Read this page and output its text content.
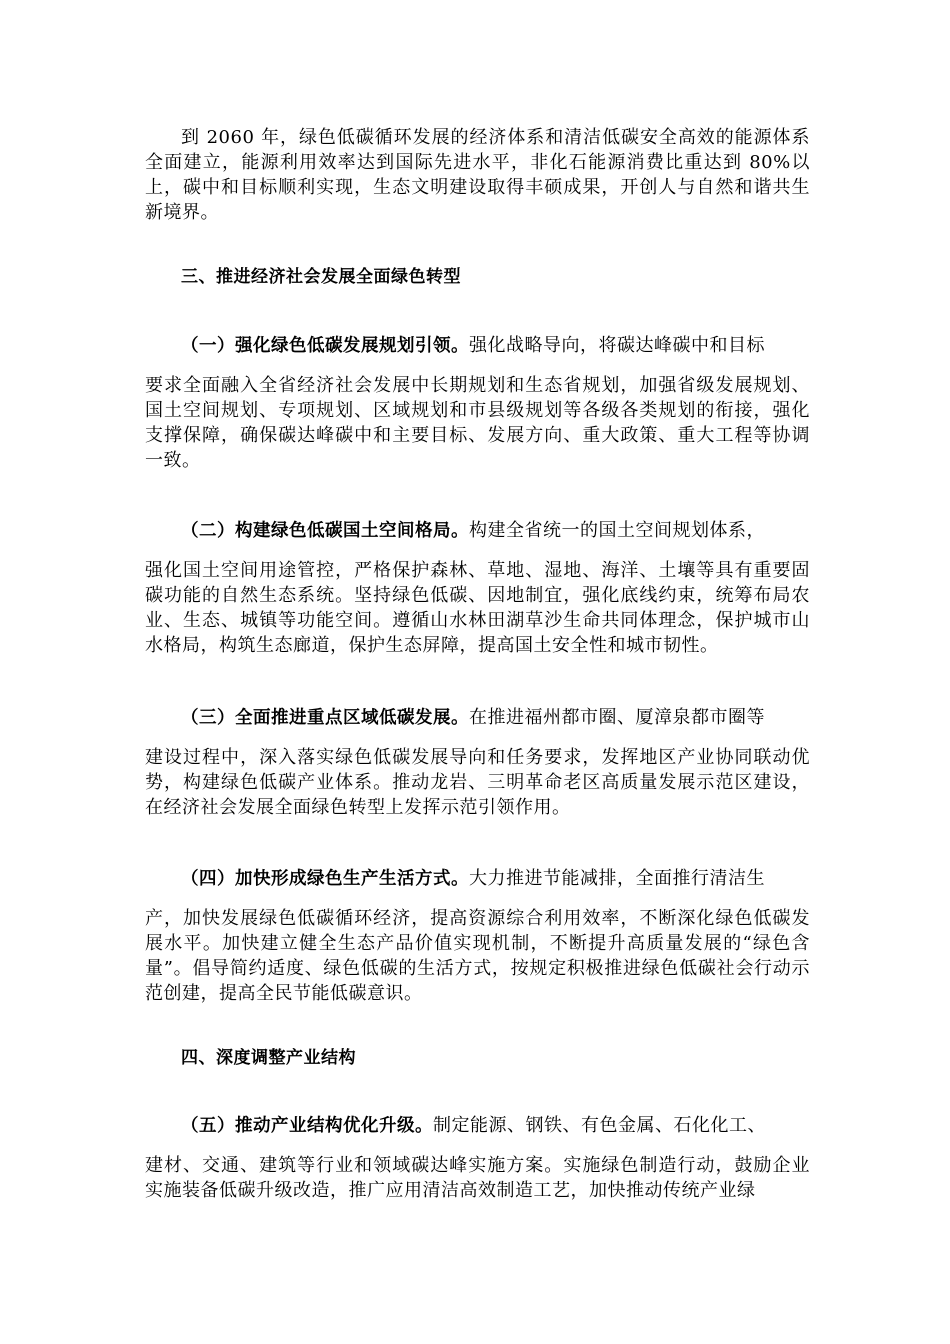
到 2060 年，绿色低碳循环发展的经济体系和清洁低碳安全高效的能源体系全面建立，能源利用效率达到国际先进水平，非化石能源消费比重达到 80%以上，碳中和目标顺利实现，生态文明建设取得丰硕成果，开创人与自然和谐共生新境界。

三、推进经济社会发展全面绿色转型

（一）强化绿色低碳发展规划引领。强化战略导向，将碳达峰碳中和目标

要求全面融入全省经济社会发展中长期规划和生态省规划，加强省级发展规划、国土空间规划、专项规划、区域规划和市县级规划等各级各类规划的衔接，强化支撑保障，确保碳达峰碳中和主要目标、发展方向、重大政策、重大工程等协调一致。

（二）构建绿色低碳国土空间格局。构建全省统一的国土空间规划体系，

强化国土空间用途管控，严格保护森林、草地、湿地、海洋、土壤等具有重要固碳功能的自然生态系统。坚持绿色低碳、因地制宜，强化底线约束，统筹布局农业、生态、城镇等功能空间。遵循山水林田湖草沙生命共同体理念，保护城市山水格局，构筑生态廊道，保护生态屏障，提高国土安全性和城市韧性。

（三）全面推进重点区域低碳发展。在推进福州都市圈、厦漳泉都市圈等

建设过程中，深入落实绿色低碳发展导向和任务要求，发挥地区产业协同联动优势，构建绿色低碳产业体系。推动龙岩、三明革命老区高质量发展示范区建设，在经济社会发展全面绿色转型上发挥示范引领作用。

（四）加快形成绿色生产生活方式。大力推进节能减排，全面推行清洁生

产，加快发展绿色低碳循环经济，提高资源综合利用效率，不断深化绿色低碳发展水平。加快建立健全生态产品价值实现机制，不断提升高质量发展的“绿色含量”。倡导简约适度、绿色低碳的生活方式，按规定积极推进绿色低碳社会行动示范创建，提高全民节能低碳意识。

四、深度调整产业结构

（五）推动产业结构优化升级。制定能源、钢铁、有色金属、石化化工、

建材、交通、建筑等行业和领域碳达峰实施方案。实施绿色制造行动，鼓励企业实施装备低碳升级改造，推广应用清洁高效制造工艺，加快推动传统产业绿
